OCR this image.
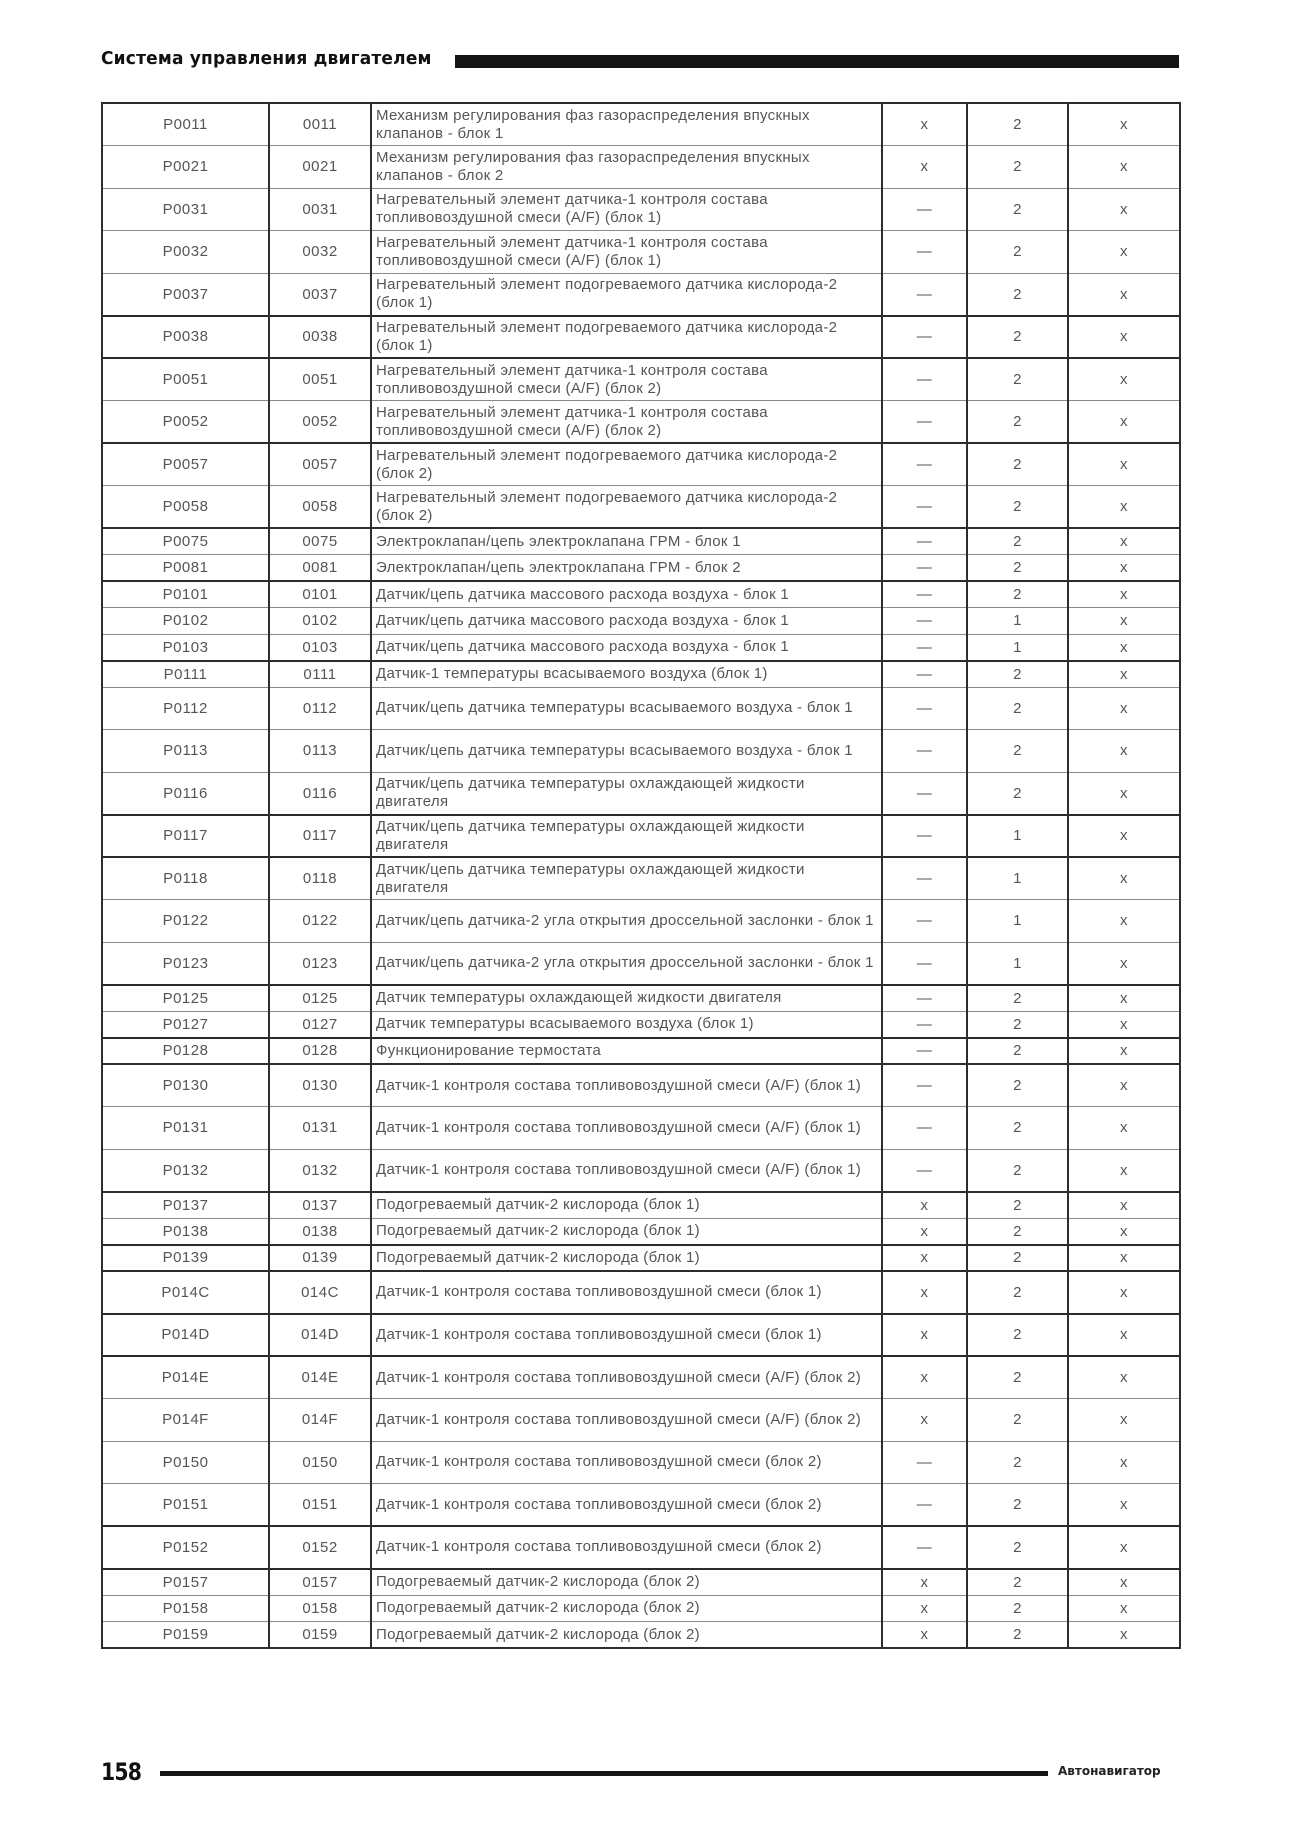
Система управления двигателем
P0011	0011	Механизм регулирования фаз газораспределения впускных клапанов - блок 1	x	2	x
P0021	0021	Механизм регулирования фаз газораспределения впускных клапанов - блок 2	x	2	x
P0031	0031	Нагревательный элемент датчика-1 контроля состава топливовоздушной смеси (A/F) (блок 1)	—	2	x
P0032	0032	Нагревательный элемент датчика-1 контроля состава топливовоздушной смеси (A/F) (блок 1)	—	2	x
P0037	0037	Нагревательный элемент подогреваемого датчика кислорода-2 (блок 1)	—	2	x
P0038	0038	Нагревательный элемент подогреваемого датчика кислорода-2 (блок 1)	—	2	x
P0051	0051	Нагревательный элемент датчика-1 контроля состава топливовоздушной смеси (A/F) (блок 2)	—	2	x
P0052	0052	Нагревательный элемент датчика-1 контроля состава топливовоздушной смеси (A/F) (блок 2)	—	2	x
P0057	0057	Нагревательный элемент подогреваемого датчика кислорода-2 (блок 2)	—	2	x
P0058	0058	Нагревательный элемент подогреваемого датчика кислорода-2 (блок 2)	—	2	x
P0075	0075	Электроклапан/цепь электроклапана ГРМ - блок 1	—	2	x
P0081	0081	Электроклапан/цепь электроклапана ГРМ - блок 2	—	2	x
P0101	0101	Датчик/цепь датчика массового расхода воздуха - блок 1	—	2	x
P0102	0102	Датчик/цепь датчика массового расхода воздуха - блок 1	—	1	x
P0103	0103	Датчик/цепь датчика массового расхода воздуха - блок 1	—	1	x
P0111	0111	Датчик-1 температуры всасываемого воздуха (блок 1)	—	2	x
P0112	0112	Датчик/цепь датчика температуры всасываемого воздуха - блок 1	—	2	x
P0113	0113	Датчик/цепь датчика температуры всасываемого воздуха - блок 1	—	2	x
P0116	0116	Датчик/цепь датчика температуры охлаждающей жидкости двигателя	—	2	x
P0117	0117	Датчик/цепь датчика температуры охлаждающей жидкости двигателя	—	1	x
P0118	0118	Датчик/цепь датчика температуры охлаждающей жидкости двигателя	—	1	x
P0122	0122	Датчик/цепь датчика-2 угла открытия дроссельной заслонки - блок 1	—	1	x
P0123	0123	Датчик/цепь датчика-2 угла открытия дроссельной заслонки - блок 1	—	1	x
P0125	0125	Датчик температуры охлаждающей жидкости двигателя	—	2	x
P0127	0127	Датчик температуры всасываемого воздуха (блок 1)	—	2	x
P0128	0128	Функционирование термостата	—	2	x
P0130	0130	Датчик-1 контроля состава топливовоздушной смеси (A/F) (блок 1)	—	2	x
P0131	0131	Датчик-1 контроля состава топливовоздушной смеси (A/F) (блок 1)	—	2	x
P0132	0132	Датчик-1 контроля состава топливовоздушной смеси (A/F) (блок 1)	—	2	x
P0137	0137	Подогреваемый датчик-2 кислорода (блок 1)	x	2	x
P0138	0138	Подогреваемый датчик-2 кислорода (блок 1)	x	2	x
P0139	0139	Подогреваемый датчик-2 кислорода (блок 1)	x	2	x
P014C	014C	Датчик-1 контроля состава топливовоздушной смеси (блок 1)	x	2	x
P014D	014D	Датчик-1 контроля состава топливовоздушной смеси (блок 1)	x	2	x
P014E	014E	Датчик-1 контроля состава топливовоздушной смеси (A/F) (блок 2)	x	2	x
P014F	014F	Датчик-1 контроля состава топливовоздушной смеси (A/F) (блок 2)	x	2	x
P0150	0150	Датчик-1 контроля состава топливовоздушной смеси (блок 2)	—	2	x
P0151	0151	Датчик-1 контроля состава топливовоздушной смеси (блок 2)	—	2	x
P0152	0152	Датчик-1 контроля состава топливовоздушной смеси (блок 2)	—	2	x
P0157	0157	Подогреваемый датчик-2 кислорода (блок 2)	x	2	x
P0158	0158	Подогреваемый датчик-2 кислорода (блок 2)	x	2	x
P0159	0159	Подогреваемый датчик-2 кислорода (блок 2)	x	2	x
158	Автонавигатор
